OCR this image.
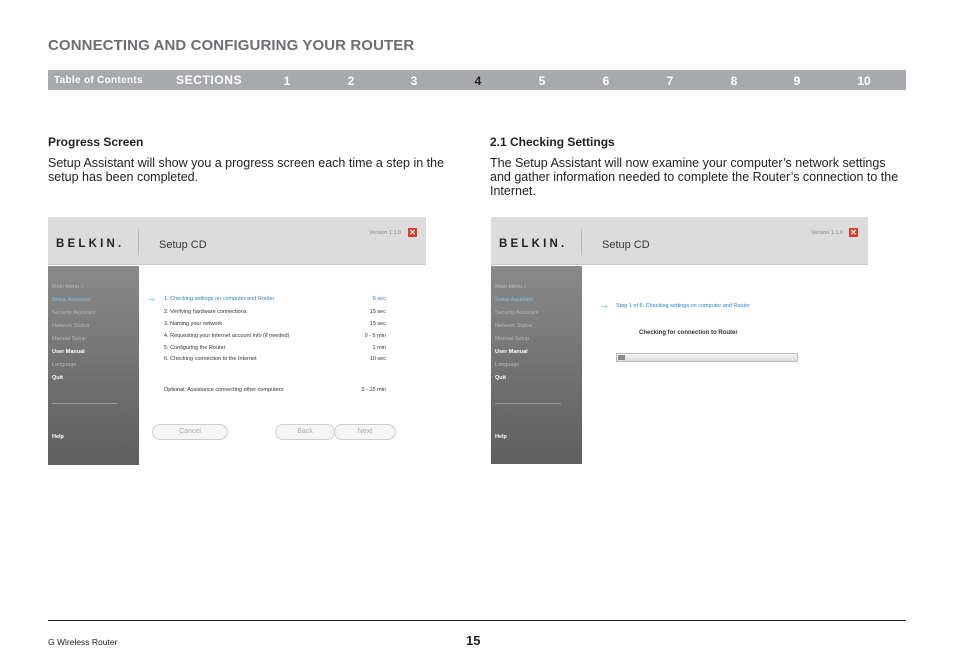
CONNECTING AND CONFIGURING YOUR ROUTER
Table of Contents	SECTIONS	1	2	3	4	5	6	7	8	9	10
Progress Screen
Setup Assistant will show you a progress screen each time a step in the setup has been completed.
2.1 Checking Settings
The Setup Assistant will now examine your computer’s network settings and gather information needed to complete the Router’s connection to the Internet.
BELKIN.	Setup CD
Version 1.1.0 ✕
Main Menu »
Setup Assistant
Security Assistant
Network Status
Manual Setup
User Manual
Language
Quit
Help
→ 1. Checking settings on computer and Router	5 sec
2. Verifying hardware connections	15 sec
3. Naming your network	15 sec
4. Requesting your Internet account info (if needed)	0 - 5 min
5. Configuring the Router	1 min
6. Checking connection to the Internet	10 sec
Optional: Assistance connecting other computers	5 - 15 min
Cancel	Back	Next
BELKIN.	Setup CD
Version 1.1.0 ✕
Main Menu »
Setup Assistant
Security Assistant
Network Status
Manual Setup
User Manual
Language
Quit
Help
→ Step 1 of 6: Checking settings on computer and Router
Checking for connection to Router
G Wireless Router	15
